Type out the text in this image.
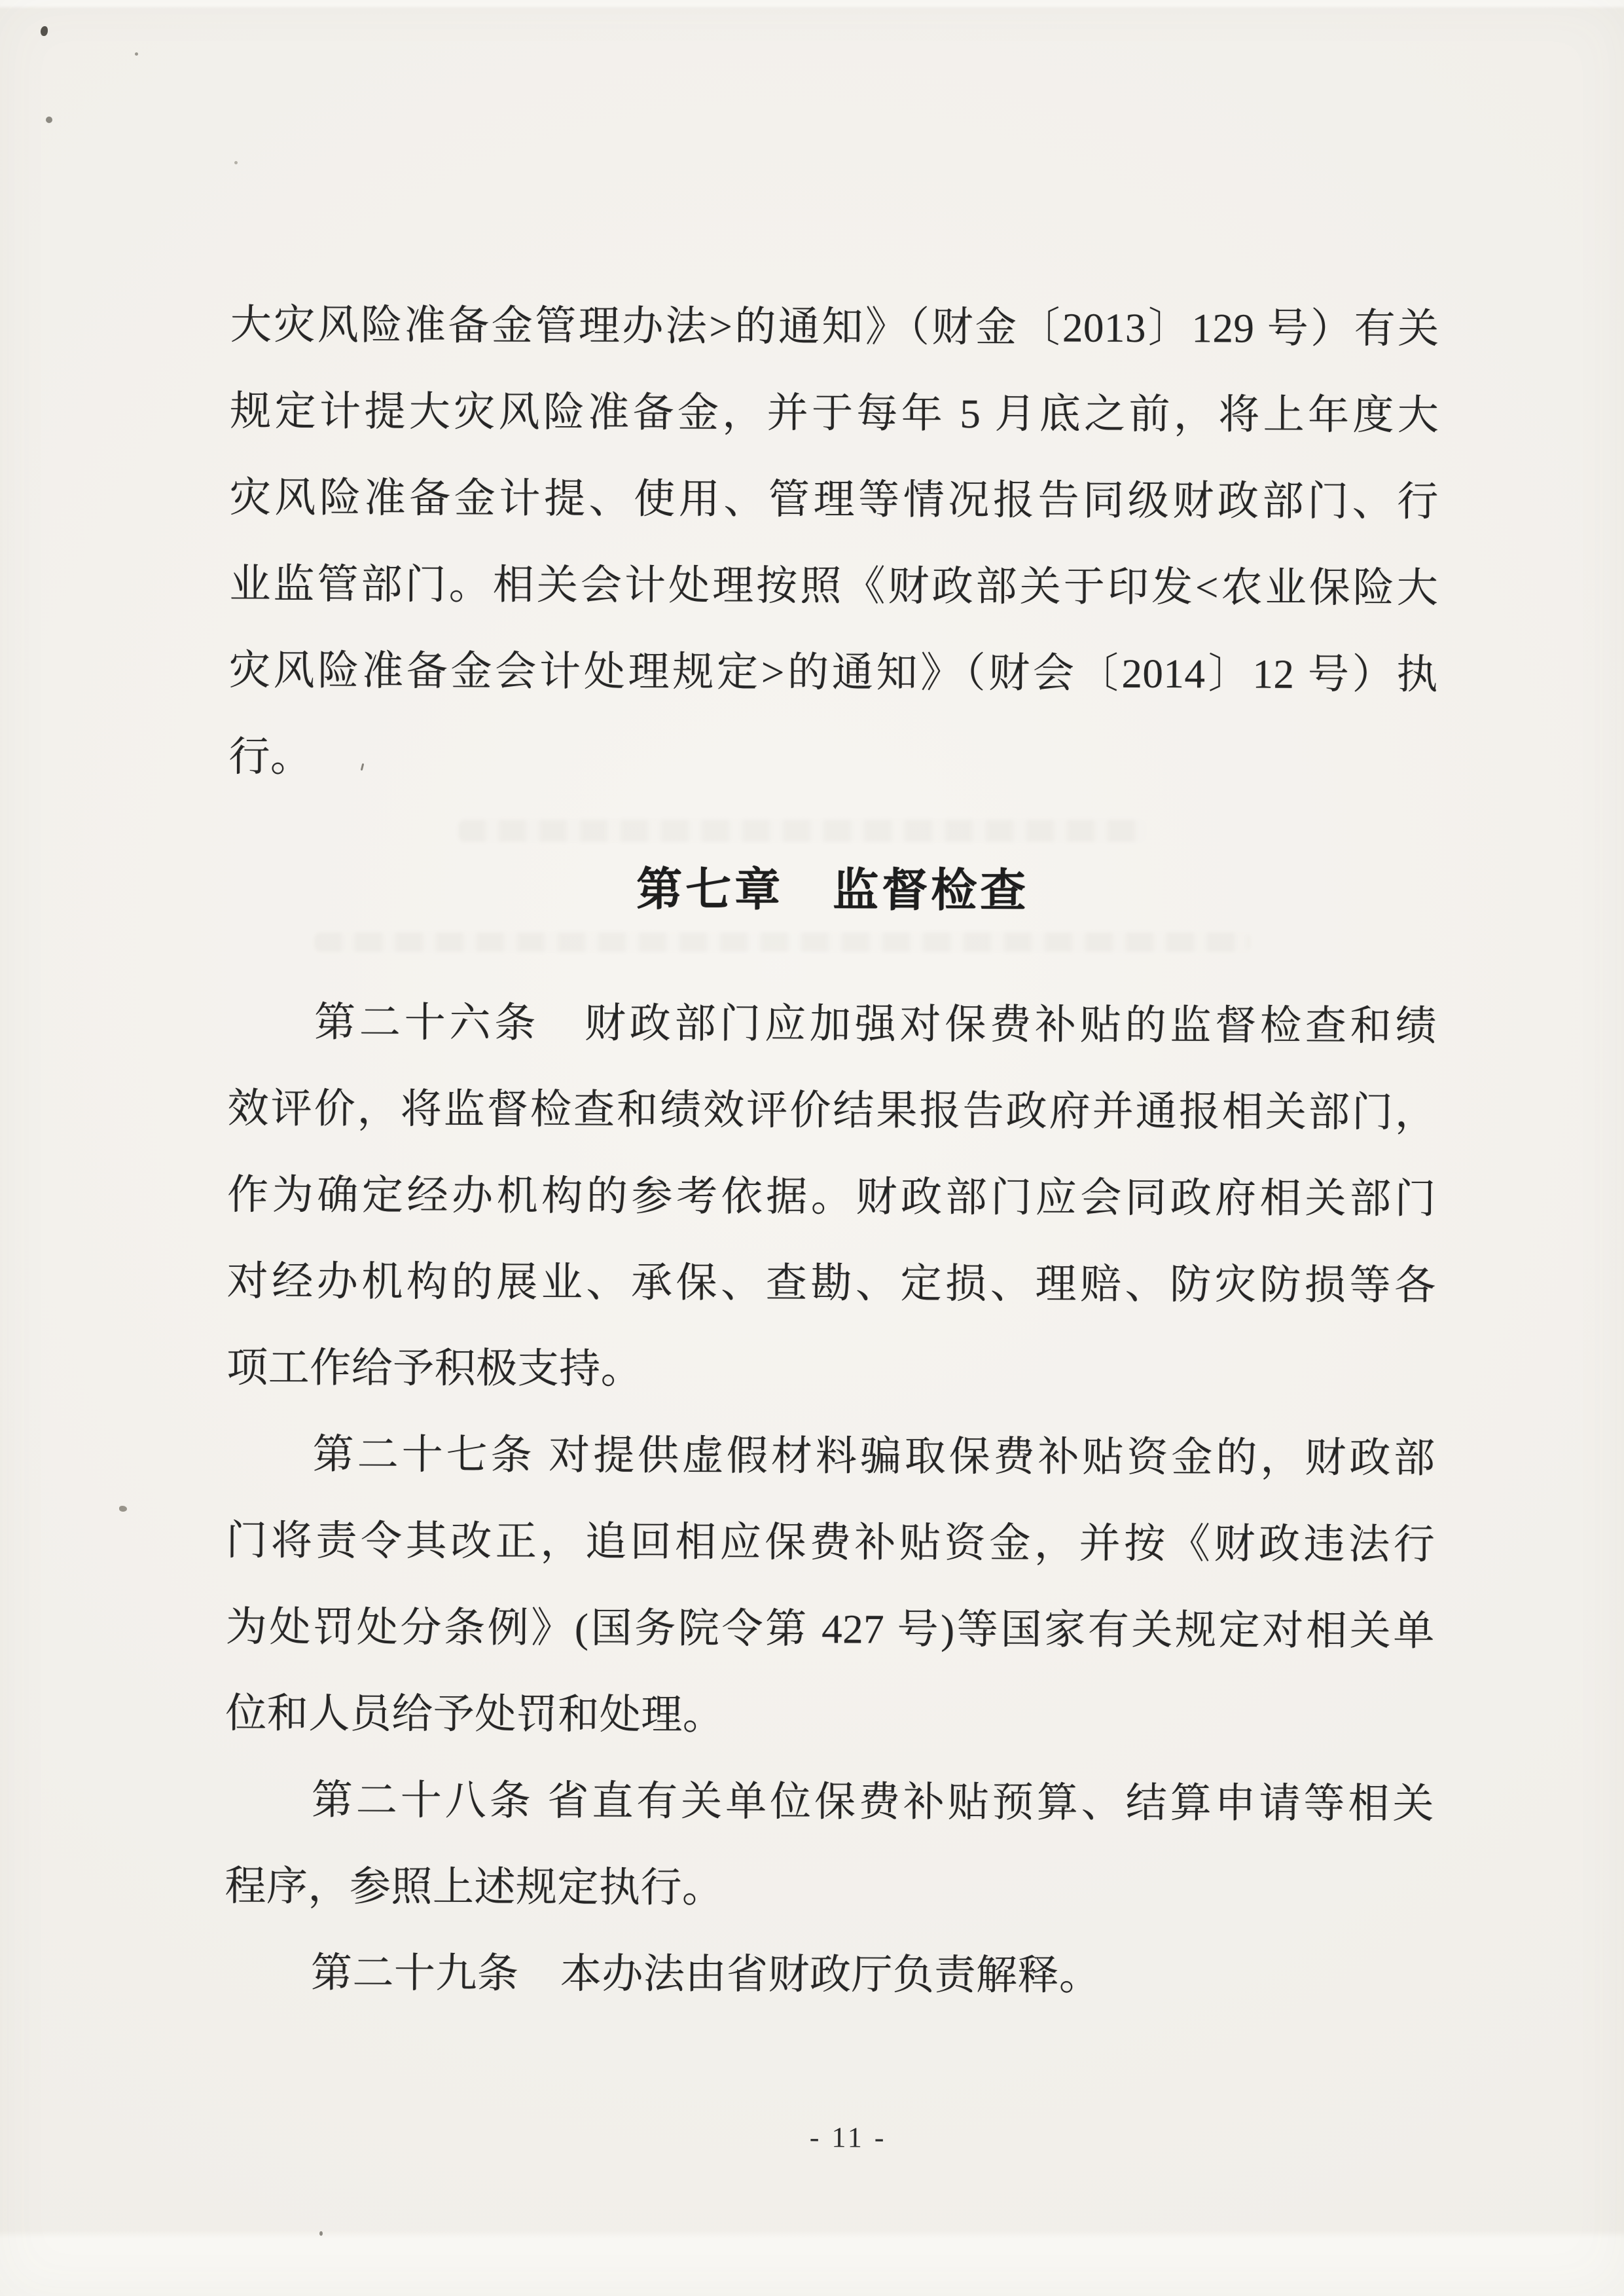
大灾风险准备金管理办法>的通知》（财金〔2013〕129 号）有关
规定计提大灾风险准备金，并于每年 5 月底之前，将上年度大
灾风险准备金计提、使用、管理等情况报告同级财政部门、行
业监管部门。相关会计处理按照《财政部关于印发<农业保险大
灾风险准备金会计处理规定>的通知》（财会〔2014〕12 号）执
行。
第七章　监督检查
第二十六条　财政部门应加强对保费补贴的监督检查和绩
效评价，将监督检查和绩效评价结果报告政府并通报相关部门，
作为确定经办机构的参考依据。财政部门应会同政府相关部门
对经办机构的展业、承保、查勘、定损、理赔、防灾防损等各
项工作给予积极支持。
第二十七条 对提供虚假材料骗取保费补贴资金的，财政部
门将责令其改正，追回相应保费补贴资金，并按《财政违法行
为处罚处分条例》(国务院令第 427 号)等国家有关规定对相关单
位和人员给予处罚和处理。
第二十八条 省直有关单位保费补贴预算、结算申请等相关
程序，参照上述规定执行。
第二十九条　本办法由省财政厅负责解释。
- 11 -
